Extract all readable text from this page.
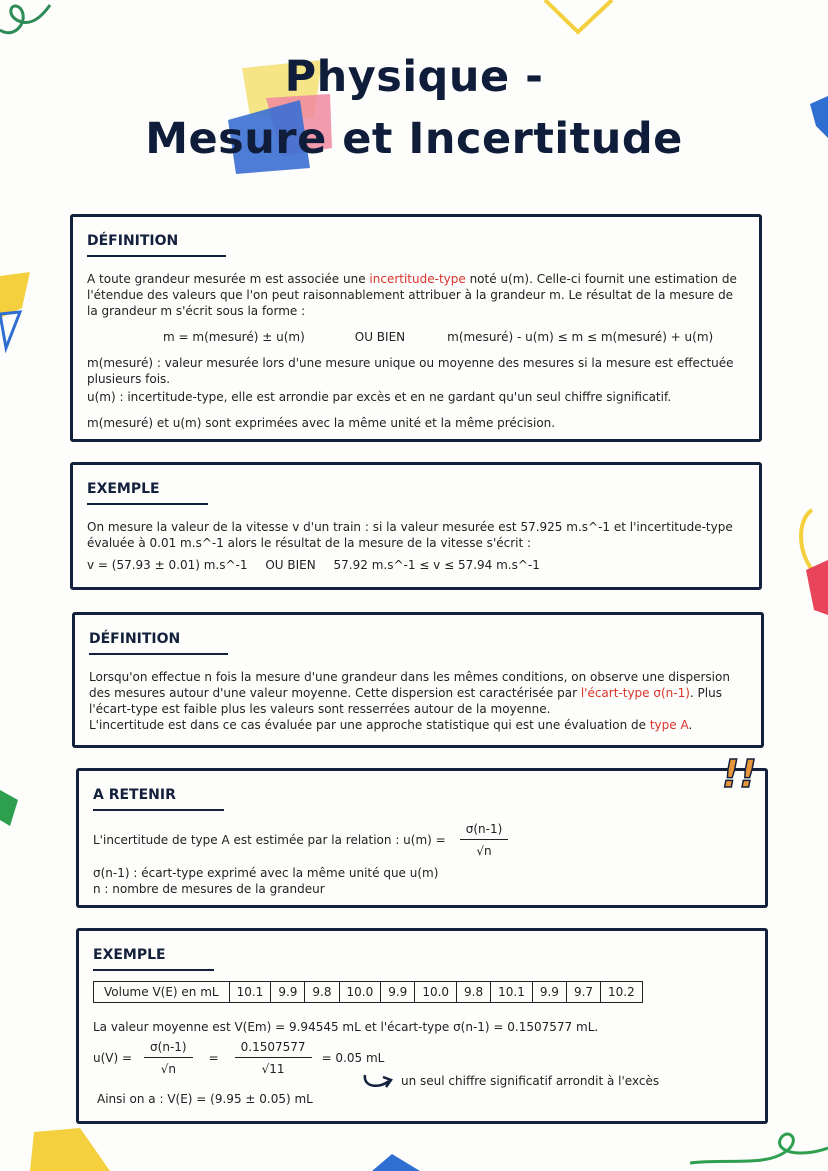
Physique -
Mesure et Incertitude
DÉFINITION
A toute grandeur mesurée m est associée une incertitude-type noté u(m). Celle-ci fournit une estimation de l'étendue des valeurs que l'on peut raisonnablement attribuer à la grandeur m. Le résultat de la mesure de la grandeur m s'écrit sous la forme :
m = m(mesuré) ± u(m)	OU BIEN	m(mesuré) - u(m) ≤ m ≤ m(mesuré) + u(m)
m(mesuré) : valeur mesurée lors d'une mesure unique ou moyenne des mesures si la mesure est effectuée plusieurs fois.
u(m) : incertitude-type, elle est arrondie par excès et en ne gardant qu'un seul chiffre significatif.
m(mesuré) et u(m) sont exprimées avec la même unité et la même précision.
EXEMPLE
On mesure la valeur de la vitesse v d'un train : si la valeur mesurée est 57.925 m.s^-1 et l'incertitude-type évaluée à 0.01 m.s^-1 alors le résultat de la mesure de la vitesse s'écrit :
v = (57.93 ± 0.01) m.s^-1 OU BIEN 57.92 m.s^-1 ≤ v ≤ 57.94 m.s^-1
DÉFINITION
Lorsqu'on effectue n fois la mesure d'une grandeur dans les mêmes conditions, on observe une dispersion des mesures autour d'une valeur moyenne. Cette dispersion est caractérisée par l'écart-type σ(n-1). Plus l'écart-type est faible plus les valeurs sont resserrées autour de la moyenne.
L'incertitude est dans ce cas évaluée par une approche statistique qui est une évaluation de type A.
A RETENIR
L'incertitude de type A est estimée par la relation : $u(m) = \frac{\sigma(n-1)}{√n}$
σ(n-1) : écart-type exprimé avec la même unité que u(m)
n : nombre de mesures de la grandeur
!!
EXEMPLE
Volume V(E) en mL	10.1	9.9	9.8	10.0	9.9	10.0	9.8	10.1	9.9	9.7	10.2
La valeur moyenne est V(Em) = 9.94545 mL et l'écart-type σ(n-1) = 0.1507577 mL.
$u(V) = \frac{\sigma(n-1)}{√n} = \frac{0.1507577}{√11} = 0.05$ mL
un seul chiffre significatif arrondit à l'excès
Ainsi on a : V(E) = (9.95 ± 0.05) mL
